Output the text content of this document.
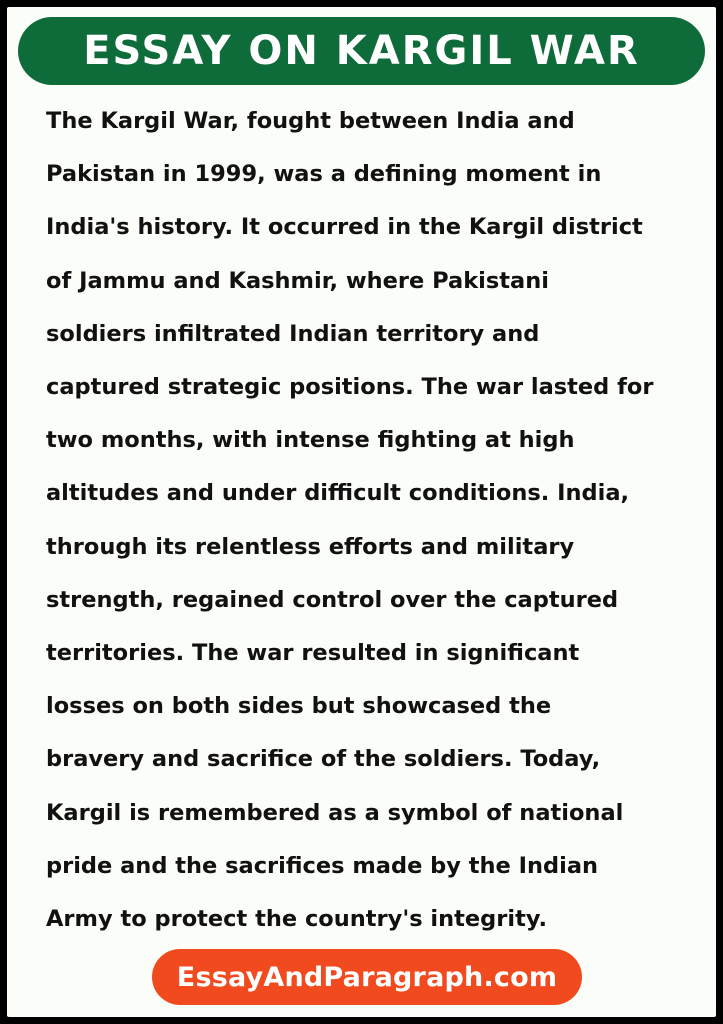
ESSAY ON KARGIL WAR

The Kargil War, fought between India and
Pakistan in 1999, was a defining moment in
India's history. It occurred in the Kargil district
of Jammu and Kashmir, where Pakistani
soldiers infiltrated Indian territory and
captured strategic positions. The war lasted for
two months, with intense fighting at high
altitudes and under difficult conditions. India,
through its relentless efforts and military
strength, regained control over the captured
territories. The war resulted in significant
losses on both sides but showcased the
bravery and sacrifice of the soldiers. Today,
Kargil is remembered as a symbol of national
pride and the sacrifices made by the Indian
Army to protect the country's integrity.

EssayAndParagraph.com
